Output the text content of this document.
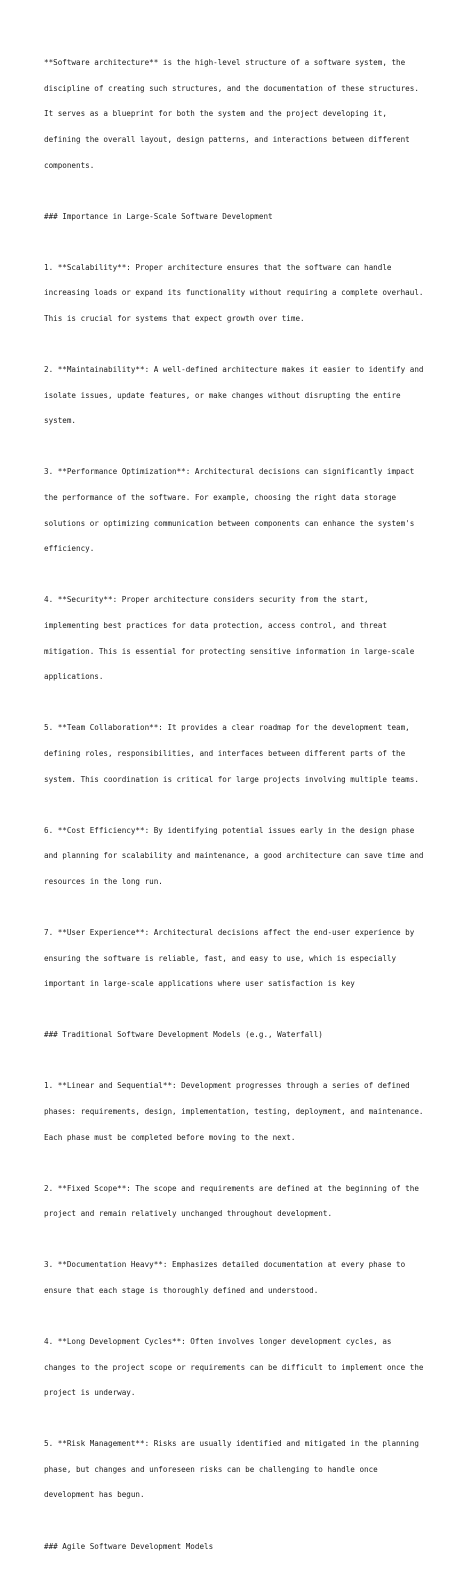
**Software architecture** is the high-level structure of a software system, the

discipline of creating such structures, and the documentation of these structures.

It serves as a blueprint for both the system and the project developing it,

defining the overall layout, design patterns, and interactions between different

components.

### Importance in Large-Scale Software Development

1. **Scalability**: Proper architecture ensures that the software can handle

increasing loads or expand its functionality without requiring a complete overhaul.

This is crucial for systems that expect growth over time.

2. **Maintainability**: A well-defined architecture makes it easier to identify and

isolate issues, update features, or make changes without disrupting the entire

system.

3. **Performance Optimization**: Architectural decisions can significantly impact

the performance of the software. For example, choosing the right data storage

solutions or optimizing communication between components can enhance the system's

efficiency.

4. **Security**: Proper architecture considers security from the start,

implementing best practices for data protection, access control, and threat

mitigation. This is essential for protecting sensitive information in large-scale

applications.

5. **Team Collaboration**: It provides a clear roadmap for the development team,

defining roles, responsibilities, and interfaces between different parts of the

system. This coordination is critical for large projects involving multiple teams.

6. **Cost Efficiency**: By identifying potential issues early in the design phase

and planning for scalability and maintenance, a good architecture can save time and

resources in the long run.

7. **User Experience**: Architectural decisions affect the end-user experience by

ensuring the software is reliable, fast, and easy to use, which is especially

important in large-scale applications where user satisfaction is key

### Traditional Software Development Models (e.g., Waterfall)

1. **Linear and Sequential**: Development progresses through a series of defined

phases: requirements, design, implementation, testing, deployment, and maintenance.

Each phase must be completed before moving to the next.

2. **Fixed Scope**: The scope and requirements are defined at the beginning of the

project and remain relatively unchanged throughout development.

3. **Documentation Heavy**: Emphasizes detailed documentation at every phase to

ensure that each stage is thoroughly defined and understood.

4. **Long Development Cycles**: Often involves longer development cycles, as

changes to the project scope or requirements can be difficult to implement once the

project is underway.

5. **Risk Management**: Risks are usually identified and mitigated in the planning

phase, but changes and unforeseen risks can be challenging to handle once

development has begun.

### Agile Software Development Models
